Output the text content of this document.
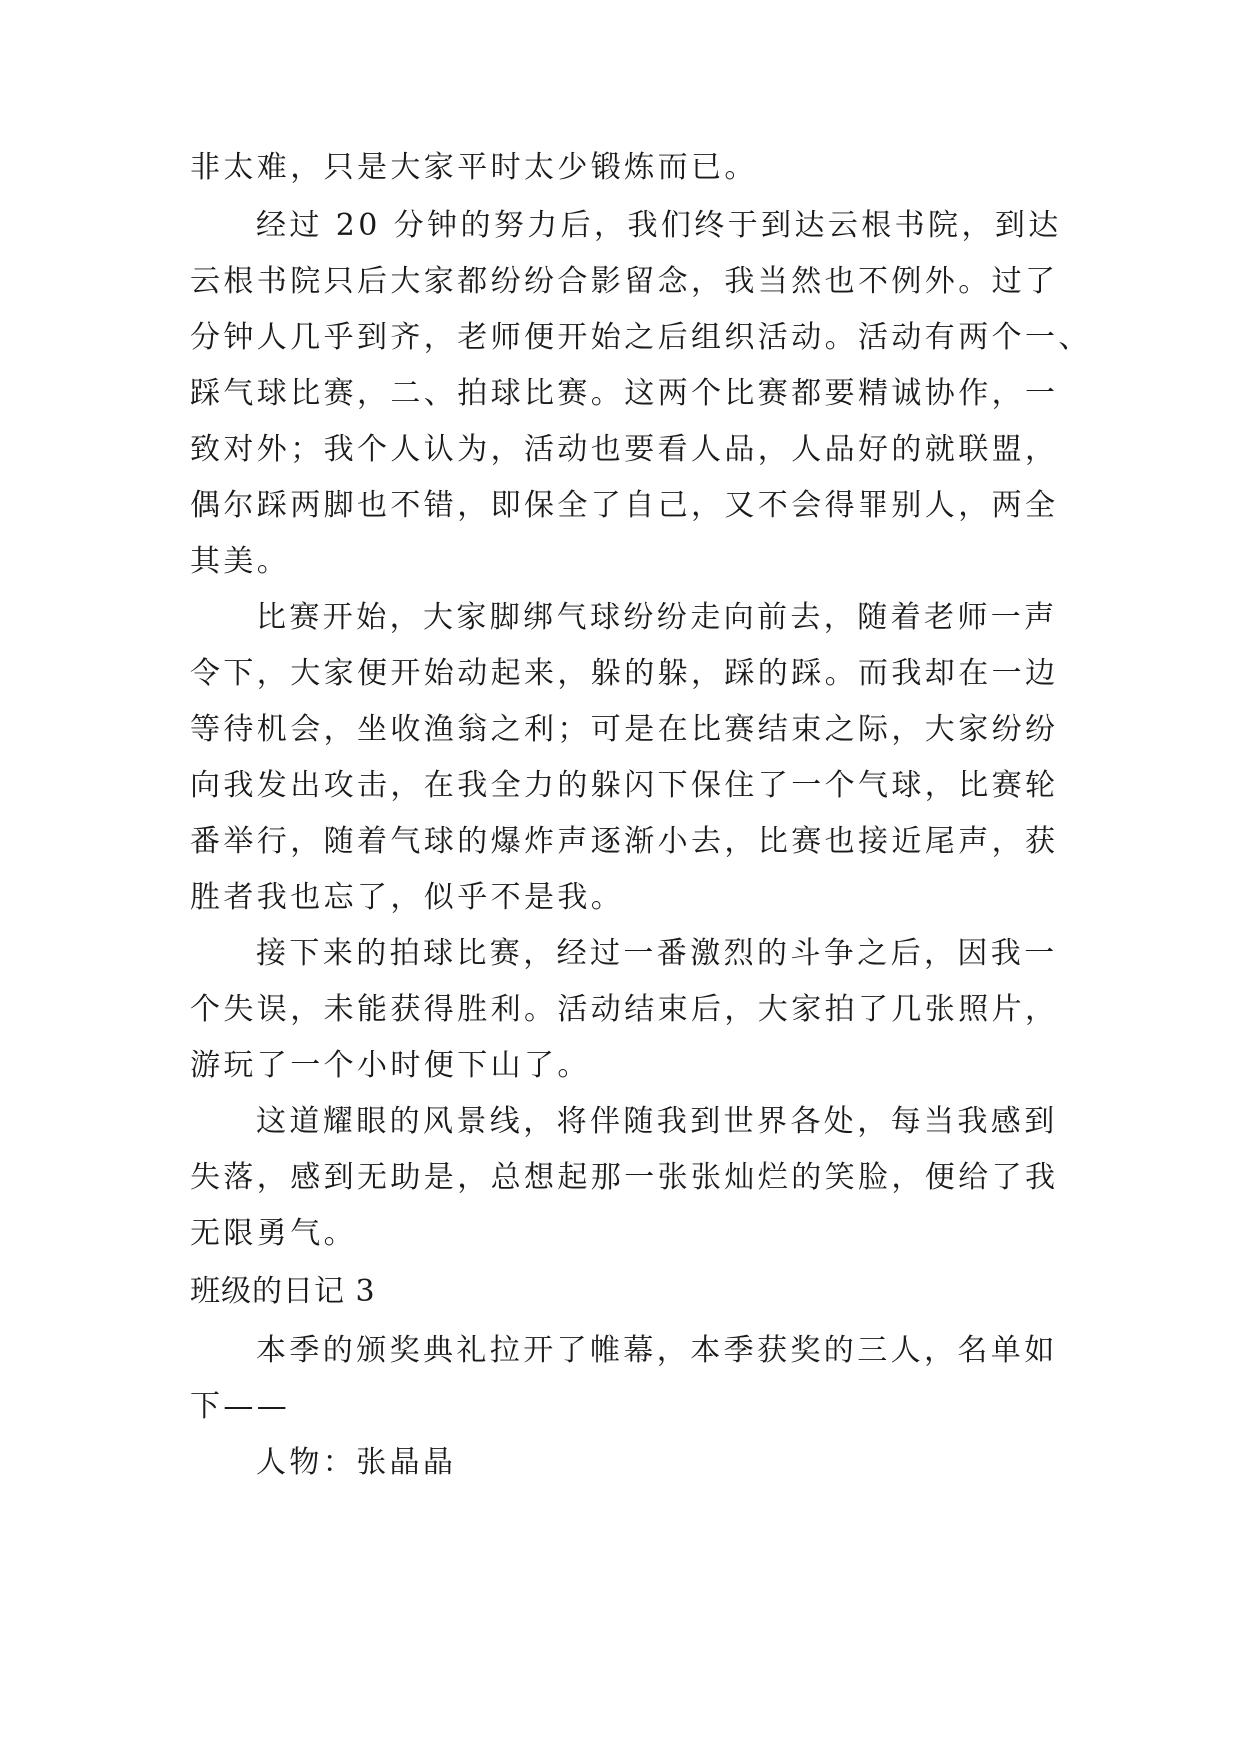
非太难，只是大家平时太少锻炼而已。
经过 20 分钟的努力后，我们终于到达云根书院，到达
云根书院只后大家都纷纷合影留念，我当然也不例外。过了
分钟人几乎到齐，老师便开始之后组织活动。活动有两个一、
踩气球比赛，二、拍球比赛。这两个比赛都要精诚协作，一
致对外；我个人认为，活动也要看人品，人品好的就联盟，
偶尔踩两脚也不错，即保全了自己，又不会得罪别人，两全
其美。
比赛开始，大家脚绑气球纷纷走向前去，随着老师一声
令下，大家便开始动起来，躲的躲，踩的踩。而我却在一边
等待机会，坐收渔翁之利；可是在比赛结束之际，大家纷纷
向我发出攻击，在我全力的躲闪下保住了一个气球，比赛轮
番举行，随着气球的爆炸声逐渐小去，比赛也接近尾声，获
胜者我也忘了，似乎不是我。
接下来的拍球比赛，经过一番激烈的斗争之后，因我一
个失误，未能获得胜利。活动结束后，大家拍了几张照片，
游玩了一个小时便下山了。
这道耀眼的风景线，将伴随我到世界各处，每当我感到
失落，感到无助是，总想起那一张张灿烂的笑脸，便给了我
无限勇气。
班级的日记 3
本季的颁奖典礼拉开了帷幕，本季获奖的三人，名单如
下——
人物：张晶晶
